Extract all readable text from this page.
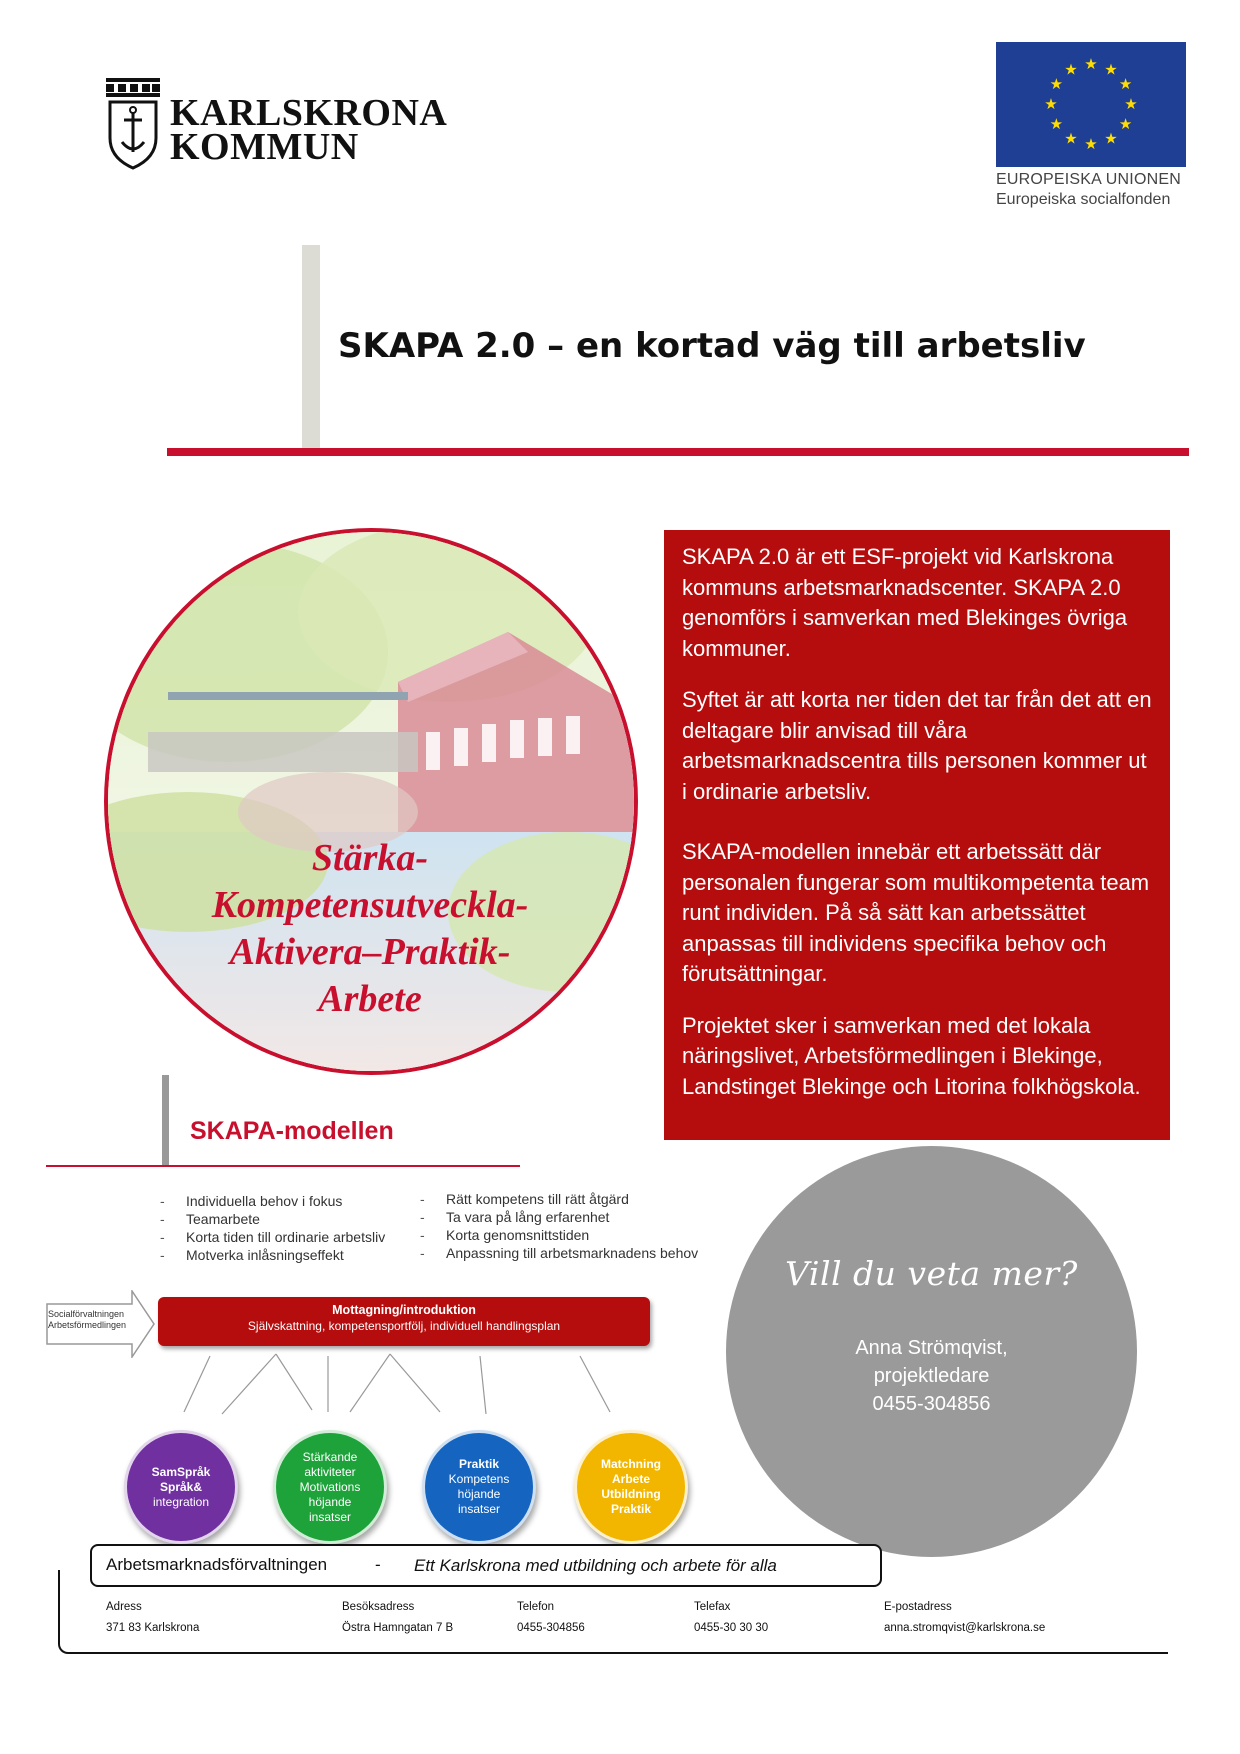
KARLSKRONA
KOMMUN
★ ★
★
★
★
★
★
★
★
★
★
★
EUROPEISKA UNIONEN
Europeiska socialfonden
SKAPA 2.0 – en kortad väg till arbetsliv
Stärka-
Kompetensutveckla-
Aktivera–Praktik-
Arbete

SKAPA 2.0 är ett ESF-projekt vid Karlskrona kommuns arbetsmarknadscenter. SKAPA 2.0 genomförs i samverkan med Blekinges övriga kommuner.

Syftet är att korta ner tiden det tar från det att en deltagare blir anvisad till våra arbetsmarknadscentra tills personen kommer ut i ordinarie arbetsliv.

SKAPA-modellen innebär ett arbetssätt där personalen fungerar som multikompetenta team runt individen. På så sätt kan arbetssättet anpassas till individens specifika behov och förutsättningar.

Projektet sker i samverkan med det lokala näringslivet, Arbetsförmedlingen i Blekinge, Landstinget Blekinge och Litorina folkhögskola.

SKAPA-modellen
- Individuella behov i fokus
- Teamarbete
- Korta tiden till ordinarie arbetsliv
- Motverka inlåsningseffekt
- Rätt kompetens till rätt åtgärd
- Ta vara på lång erfarenhet
- Korta genomsnittstiden
- Anpassning till arbetsmarknadens behov
Socialförvaltningen
Arbetsförmedlingen
Mottagning/introduktion
Självskattning, kompetensportfölj, individuell handlingsplan
SamSpråk
Språk&
integration
Stärkande
aktiviteter
Motivations
höjande
insatser
Praktik
Kompetens
höjande
insatser
Matchning
Arbete
Utbildning
Praktik
Vill du veta mer?
Anna Strömqvist,
projektledare
0455-304856
Arbetsmarknadsförvaltningen	- Ett Karlskrona med utbildning och arbete för alla
Adress
371 83 Karlskrona
Besöksadress
Östra Hamngatan 7 B
Telefon
0455-304856
Telefax
0455-30 30 30
E-postadress
anna.stromqvist@karlskrona.se
